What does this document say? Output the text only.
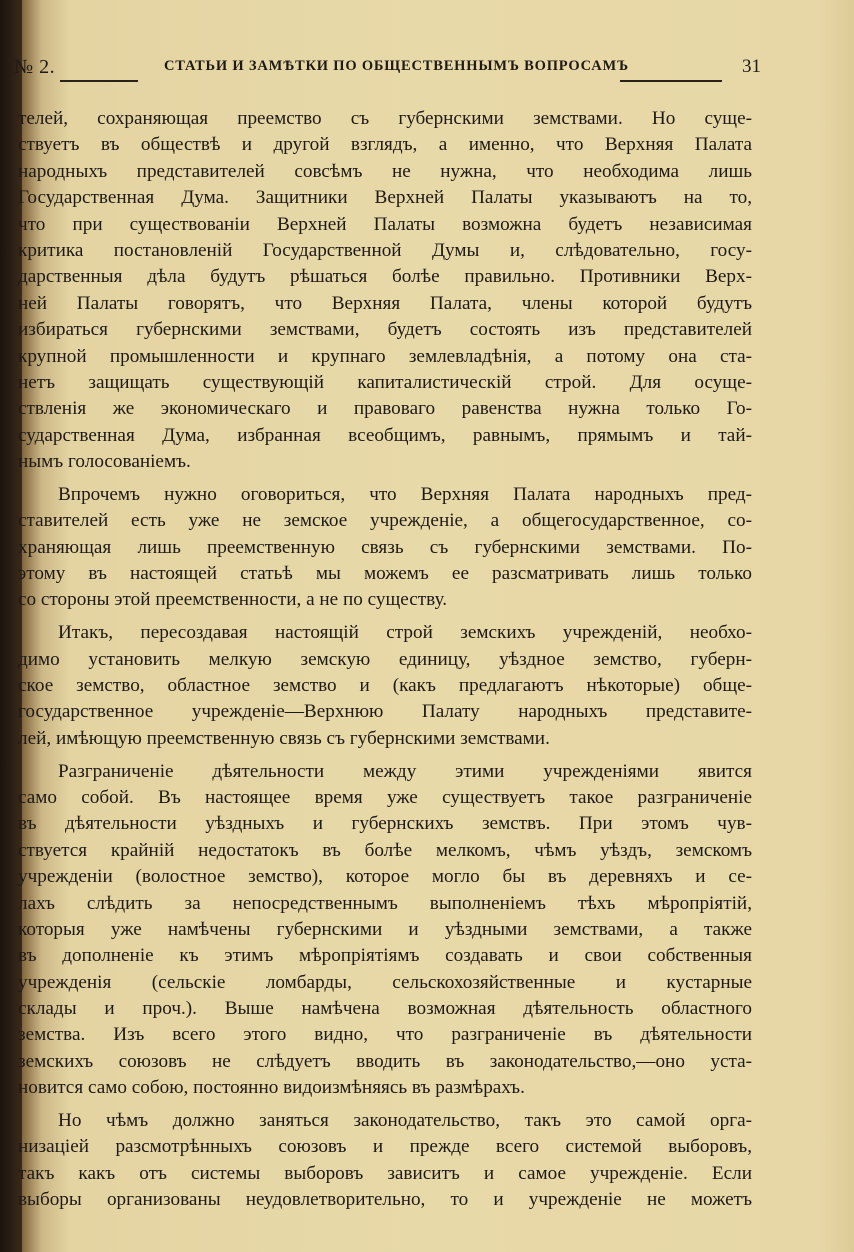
№ 2.	СТАТЬИ И ЗАМѢТКИ ПО ОБЩЕСТВЕННЫМЪ ВОПРОСАМЪ	31
телей, сохраняющая преемство съ губернскими земствами. Но суще-
ствуетъ въ обществѣ и другой взглядъ, а именно, что Верхняя Палата
народныхъ представителей совсѣмъ не нужна, что необходима лишь
Государственная Дума. Защитники Верхней Палаты указываютъ на то,
что при существованіи Верхней Палаты возможна будетъ независимая
критика постановленій Государственной Думы и, слѣдовательно, госу-
дарственныя дѣла будутъ рѣшаться болѣе правильно. Противники Верх-
ней Палаты говорятъ, что Верхняя Палата, члены которой будутъ
избираться губернскими земствами, будетъ состоять изъ представителей
крупной промышленности и крупнаго землевладѣнія, а потому она ста-
нетъ защищать существующій капиталистическій строй. Для осуще-
ствленія же экономическаго и правоваго равенства нужна только Го-
сударственная Дума, избранная всеобщимъ, равнымъ, прямымъ и тай-
нымъ голосованіемъ.
Впрочемъ нужно оговориться, что Верхняя Палата народныхъ пред-
ставителей есть уже не земское учрежденіе, а общегосударственное, со-
храняющая лишь преемственную связь съ губернскими земствами. По-
этому въ настоящей статьѣ мы можемъ ее разсматривать лишь только
со стороны этой преемственности, а не по существу.
Итакъ, пересоздавая настоящій строй земскихъ учрежденій, необхо-
димо установить мелкую земскую единицу, уѣздное земство, губерн-
ское земство, областное земство и (какъ предлагаютъ нѣкоторые) обще-
государственное учрежденіе—Верхнюю Палату народныхъ представите-
лей, имѣющую преемственную связь съ губернскими земствами.
Разграниченіе дѣятельности между этими учрежденіями явится
само собой. Въ настоящее время уже существуетъ такое разграниченіе
въ дѣятельности уѣздныхъ и губернскихъ земствъ. При этомъ чув-
ствуется крайній недостатокъ въ болѣе мелкомъ, чѣмъ уѣздъ, земскомъ
учрежденіи (волостное земство), которое могло бы въ деревняхъ и се-
лахъ слѣдить за непосредственнымъ выполненіемъ тѣхъ мѣропріятій,
которыя уже намѣчены губернскими и уѣздными земствами, а также
въ дополненіе къ этимъ мѣропріятіямъ создавать и свои собственныя
учрежденія (сельскіе ломбарды, сельскохозяйственные и кустарные
склады и проч.). Выше намѣчена возможная дѣятельность областного
земства. Изъ всего этого видно, что разграниченіе въ дѣятельности
земскихъ союзовъ не слѣдуетъ вводить въ законодательство,—оно уста-
новится само собою, постоянно видоизмѣняясь въ размѣрахъ.
Но чѣмъ должно заняться законодательство, такъ это самой орга-
низацiей разсмотрѣнныхъ союзовъ и прежде всего системой выборовъ,
такъ какъ отъ системы выборовъ зависитъ и самое учрежденіе. Если
выборы организованы неудовлетворительно, то и учрежденіе не можетъ
